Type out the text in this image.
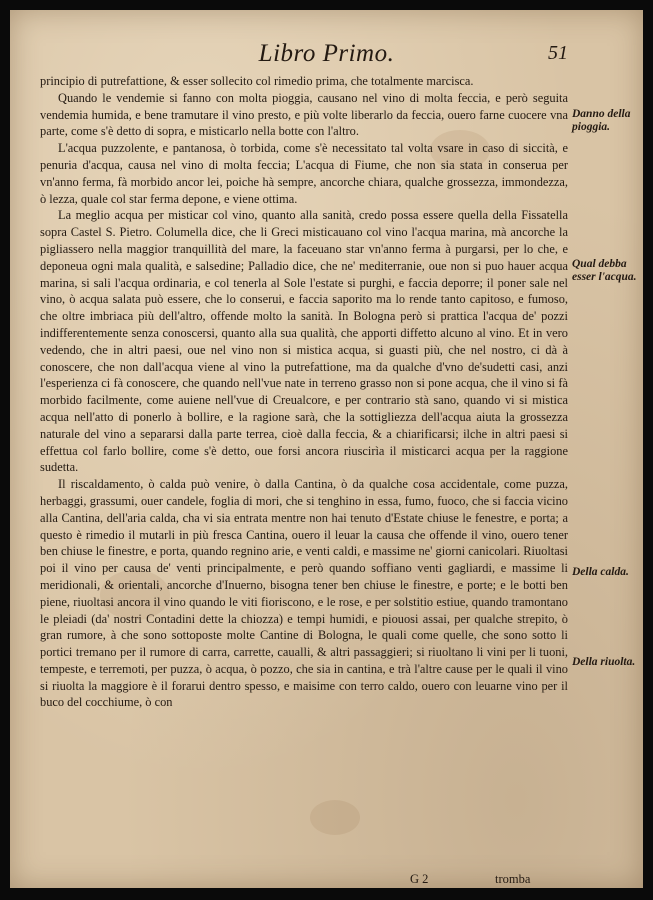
Libro Primo.	51

principio di putrefattione, & esser sollecito col rimedio prima, che totalmente marcisca.

Quando le vendemie si fanno con molta pioggia, causano nel vino di molta feccia, e però seguita vendemia humida, e bene tramutare il vino presto, e più volte liberarlo da feccia, ouero farne cuocere vna parte, come s'è detto di sopra, e misticarlo nella botte con l'altro.

L'acqua puzzolente, e pantanosa, ò torbida, come s'è necessitato tal volta vsare in caso di siccità, e penuria d'acqua, causa nel vino di molta feccia; L'acqua di Fiume, che non sia stata in conserua per vn'anno ferma, fà morbido ancor lei, poiche hà sempre, ancorche chiara, qualche grossezza, immondezza, ò lezza, quale col star ferma depone, e viene ottima.

La meglio acqua per misticar col vino, quanto alla sanità, credo possa essere quella della Fissatella sopra Castel S. Pietro. Columella dice, che li Greci misticauano col vino l'acqua marina, mà ancorche la pigliassero nella maggior tranquillità del mare, la faceuano star vn'anno ferma à purgarsi, per lo che, e deponeua ogni mala qualità, e salsedine; Palladio dice, che ne' mediterranie, oue non si puo hauer acqua marina, si sali l'acqua ordinaria, e col tenerla al Sole l'estate si purghi, e faccia deporre; il poner sale nel vino, ò acqua salata può essere, che lo conserui, e faccia saporito ma lo rende tanto capitoso, e fumoso, che oltre imbriaca più dell'altro, offende molto la sanità. In Bologna però si prattica l'acqua de' pozzi indifferentemente senza conoscersi, quanto alla sua qualità, che apporti diffetto alcuno al vino. Et in vero vedendo, che in altri paesi, oue nel vino non si mistica acqua, si guasti più, che nel nostro, ci dà à conoscere, che non dall'acqua viene al vino la putrefattione, ma da qualche d'vno de'sudetti casi, anzi l'esperienza ci fà conoscere, che quando nell'vue nate in terreno grasso non si pone acqua, che il vino si fà morbido facilmente, come auiene nell'vue di Creualcore, e per contrario stà sano, quando vi si mistica acqua nell'atto di ponerlo à bollire, e la ragione sarà, che la sottigliezza dell'acqua aiuta la grossezza naturale del vino a separarsi dalla parte terrea, cioè dalla feccia, & a chiarificarsi; ilche in altri paesi si effettua col farlo bollire, come s'è detto, oue forsi ancora riuscirìa il misticarci acqua per la raggione sudetta.

Il riscaldamento, ò calda può venire, ò dalla Cantina, ò da qualche cosa accidentale, come puzza, herbaggi, grassumi, ouer candele, foglia di mori, che si tenghino in essa, fumo, fuoco, che si faccia vicino alla Cantina, dell'aria calda, cha vi sia entrata mentre non hai tenuto d'Estate chiuse le fenestre, e porta; a questo è rimedio il mutarli in più fresca Cantina, ouero il leuar la causa che offende il vino, ouero tener ben chiuse le finestre, e porta, quando regnino arie, e venti caldi, e massime ne' giorni canicolari. Riuoltasi poi il vino per causa de' venti principalmente, e però quando soffiano venti gagliardi, e massime li meridionali, & orientali, ancorche d'Inuerno, bisogna tener ben chiuse le finestre, e porte; e le botti ben piene, riuoltasi ancora il vino quando le viti fioriscono, e le rose, e per solstitio estiue, quando tramontano le pleiadi (da' nostri Contadini dette la chiozza) e tempi humidi, e piouosi assai, per qualche strepito, ò gran rumore, à che sono sottoposte molte Cantine di Bologna, le quali come quelle, che sono sotto li portici tremano per il rumore di carra, carrette, caualli, & altri passaggieri; si riuoltano li vini per li tuoni, tempeste, e terremoti, per puzza, ò acqua, ò pozzo, che sia in cantina, e trà l'altre cause per le quali il vino si riuolta la maggiore è il forarui dentro spesso, e maisime con terro caldo, ouero con leuarne vino per il buco del cocchiume, ò con

Danno della pioggia.
Qual debba esser l'acqua.
Della calda.
Della riuolta.
G 2	tromba
